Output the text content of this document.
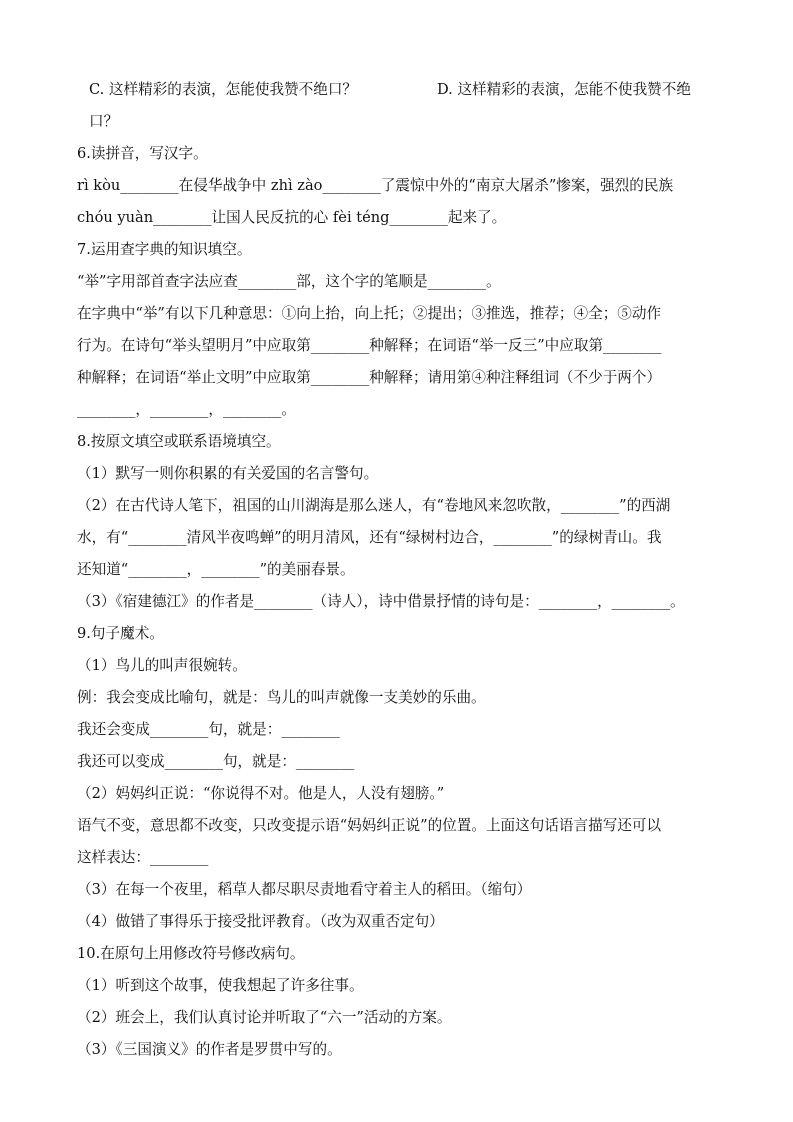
C. 这样精彩的表演，怎能使我赞不绝口？	D. 这样精彩的表演，怎能不使我赞不绝
口？
6.读拼音，写汉字。
rì kòu________在侵华战争中 zhì zào________了震惊中外的“南京大屠杀”惨案，强烈的民族
chóu yuàn________让国人民反抗的心 fèi téng________起来了。
7.运用查字典的知识填空。
“举”字用部首查字法应查________部，这个字的笔顺是________。
在字典中“举”有以下几种意思：①向上抬，向上托；②提出；③推选，推荐；④全；⑤动作
行为。在诗句“举头望明月”中应取第________种解释；在词语“举一反三”中应取第________
种解释；在词语“举止文明”中应取第________种解释；请用第④种注释组词（不少于两个）
________，________，________。
8.按原文填空或联系语境填空。
（1）默写一则你积累的有关爱国的名言警句。
（2）在古代诗人笔下，祖国的山川湖海是那么迷人，有“卷地风来忽吹散，________”的西湖
水，有“________清风半夜鸣蝉”的明月清风，还有“绿树村边合，________”的绿树青山。我
还知道“________，________”的美丽春景。
（3）《宿建德江》的作者是________（诗人），诗中借景抒情的诗句是：________，________。
9.句子魔术。
（1）鸟儿的叫声很婉转。
例：我会变成比喻句，就是：鸟儿的叫声就像一支美妙的乐曲。
我还会变成________句，就是：________
我还可以变成________句，就是：________
（2）妈妈纠正说：“你说得不对。他是人，人没有翅膀。”
语气不变，意思都不改变，只改变提示语“妈妈纠正说”的位置。上面这句话语言描写还可以
这样表达：________
（3）在每一个夜里，稻草人都尽职尽责地看守着主人的稻田。（缩句）
（4）做错了事得乐于接受批评教育。（改为双重否定句）
10.在原句上用修改符号修改病句。
（1）听到这个故事，使我想起了许多往事。
（2）班会上，我们认真讨论并听取了“六一”活动的方案。
（3）《三国演义》的作者是罗贯中写的。
